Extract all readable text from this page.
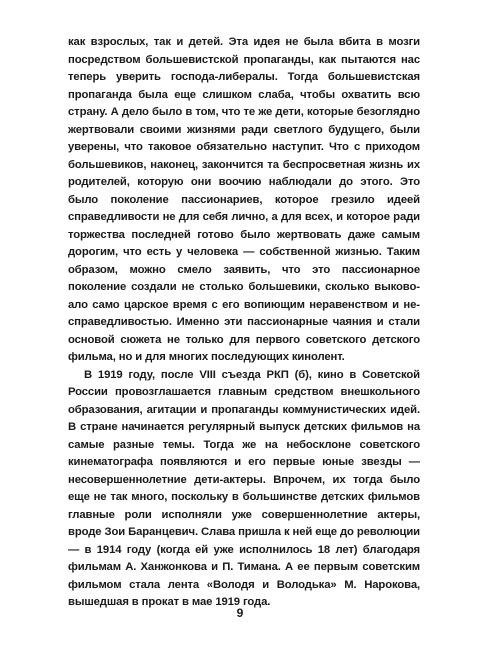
как взрослых, так и детей. Эта идея не была вбита в мозги посредством большевистской пропаганды, как пытаются нас теперь уверить господа-либералы. Тогда большевистская пропаганда была еще слишком слаба, чтобы охватить всю страну. А дело было в том, что те же дети, которые безоглядно жертвовали своими жизнями ради светлого будущего, были уверены, что таковое обязательно наступит. Что с приходом большевиков, наконец, закончится та беспросветная жизнь их родителей, которую они воочию наблюдали до этого. Это было поколение пассионариев, которое грезило идеей справедливости не для себя лично, а для всех, и которое ради торжества последней готово было жертвовать даже самым дорогим, что есть у человека — собственной жизнью. Таким образом, можно смело заявить, что это пассионарное поколение создали не столько большевики, сколько выковоало само царское время с его вопиющим неравенством и несправедливостью. Именно эти пассионарные чаяния и стали основой сюжета не только для первого советского детского фильма, но и для многих последующих кинолент.

В 1919 году, после VIII съезда РКП (б), кино в Советской России провозглашается главным средством внешкольного образования, агитации и пропаганды коммунистических идей. В стране начинается регулярный выпуск детских фильмов на самые разные темы. Тогда же на небосклоне советского кинематографа появляются и его первые юные звезды — несовершеннолетние дети-актеры. Впрочем, их тогда было еще не так много, поскольку в большинстве детских фильмов главные роли исполняли уже совершеннолетние актеры, вроде Зои Баранцевич. Слава пришла к ней еще до революции — в 1914 году (когда ей уже исполнилось 18 лет) благодаря фильмам А. Ханжонкова и П. Тимана. А ее первым советским фильмом стала лента «Володя и Володька» М. Нарокова, вышедшая в прокат в мае 1919 года.

9
